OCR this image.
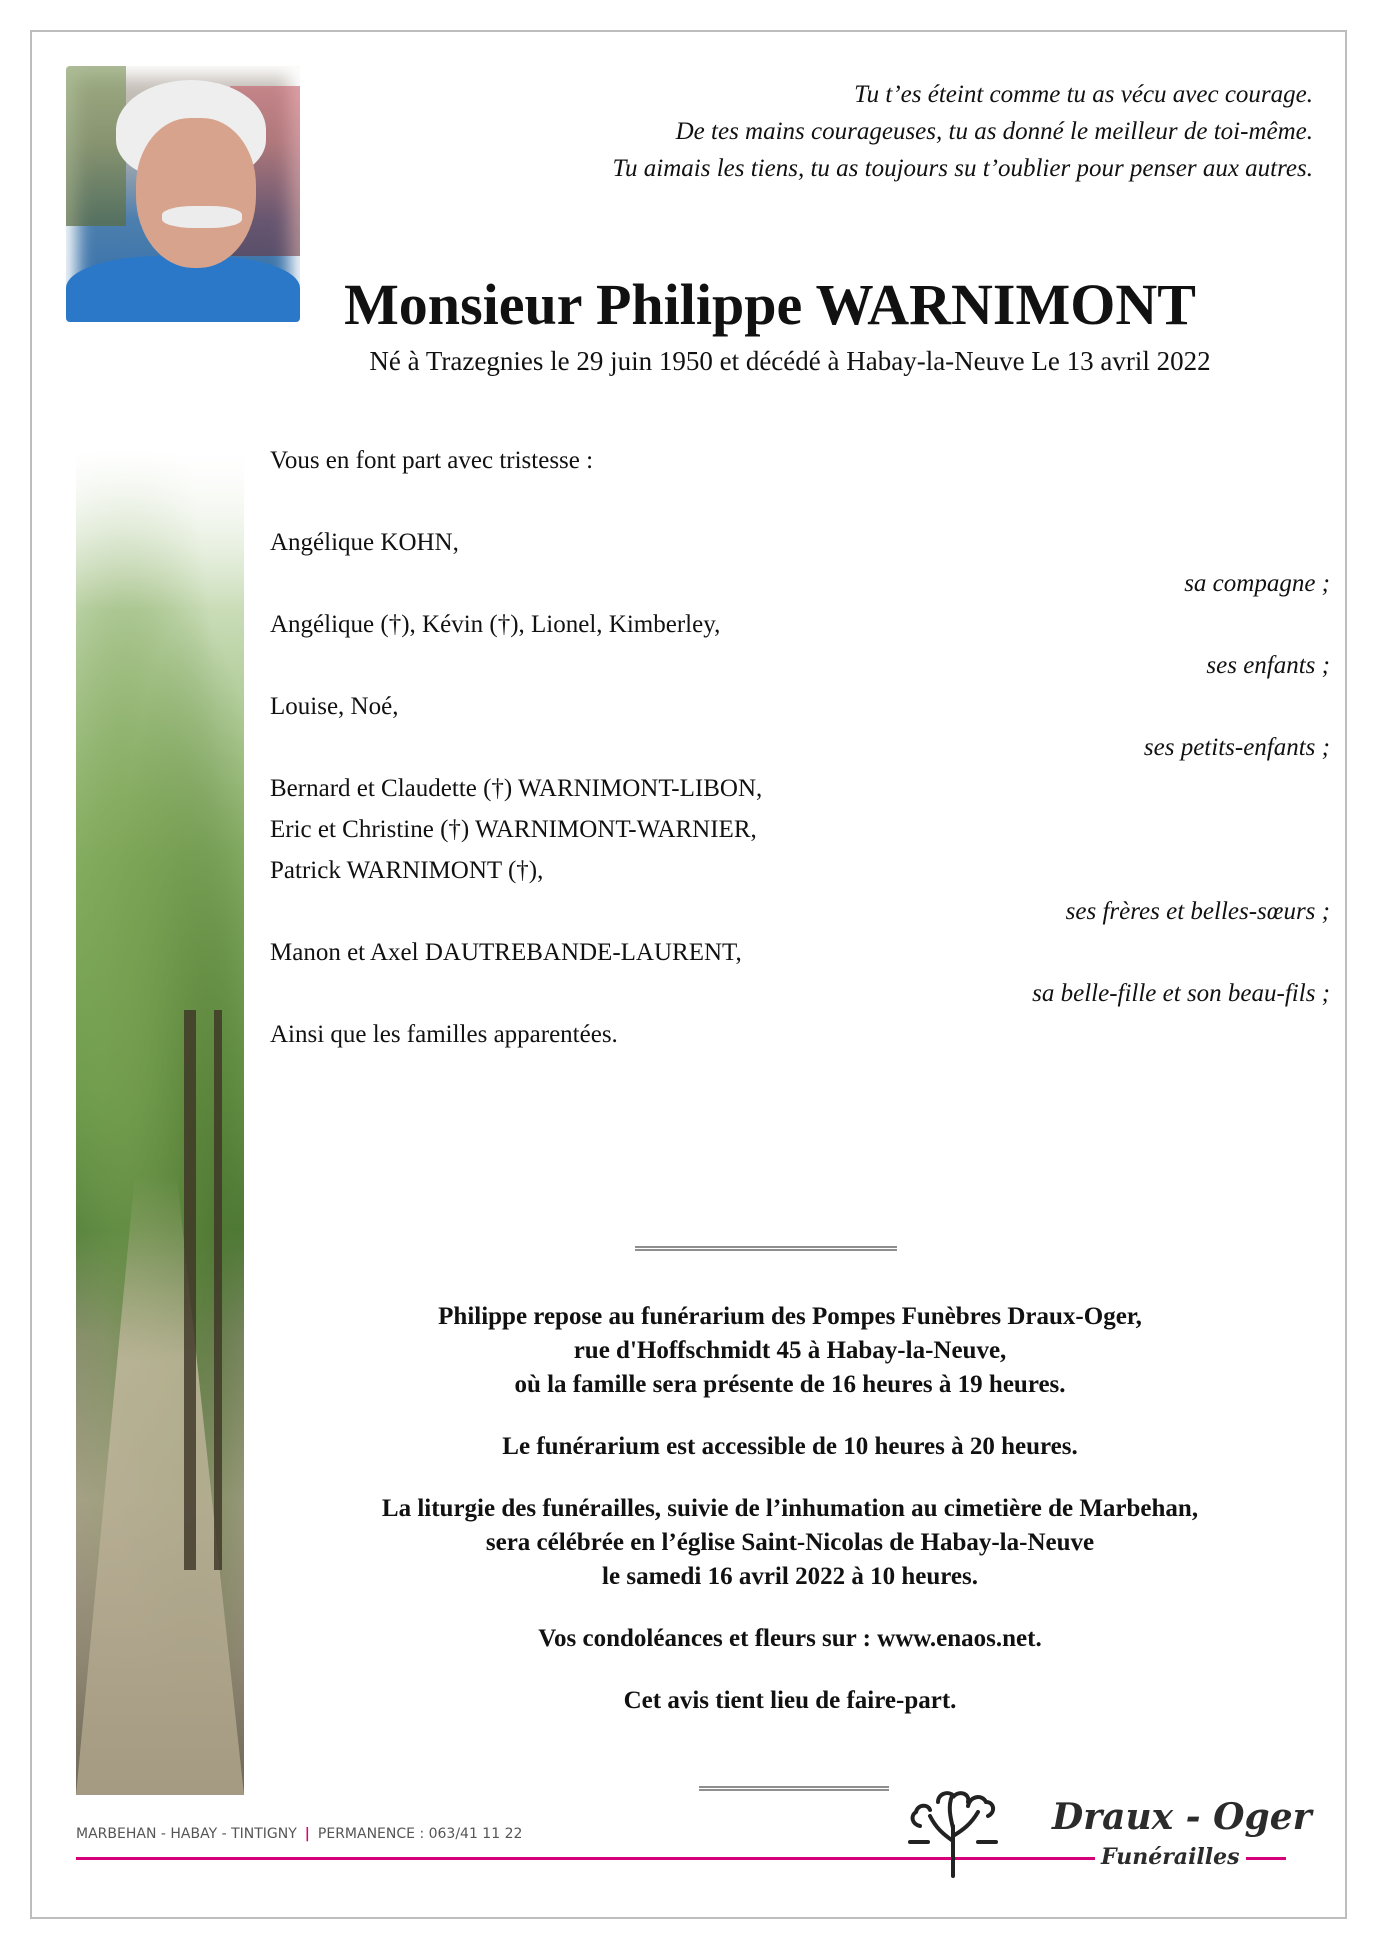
Tu t’es éteint comme tu as vécu avec courage.
De tes mains courageuses, tu as donné le meilleur de toi-même.
Tu aimais les tiens, tu as toujours su t’oublier pour penser aux autres.
Monsieur Philippe WARNIMONT
Né à Trazegnies le 29 juin 1950 et décédé à Habay-la-Neuve Le 13 avril 2022
Vous en font part avec tristesse :
Angélique KOHN,
sa compagne ;
Angélique (†), Kévin (†), Lionel, Kimberley,
ses enfants ;
Louise, Noé,
ses petits-enfants ;
Bernard et Claudette (†) WARNIMONT-LIBON,
Eric et Christine (†) WARNIMONT-WARNIER,
Patrick WARNIMONT (†),
ses frères et belles-sœurs ;
Manon et Axel DAUTREBANDE-LAURENT,
sa belle-fille et son beau-fils ;
Ainsi que les familles apparentées.

Philippe repose au funérarium des Pompes Funèbres Draux-Oger,
rue d'Hoffschmidt 45 à Habay-la-Neuve,
où la famille sera présente de 16 heures à 19 heures.

Le funérarium est accessible de 10 heures à 20 heures.

La liturgie des funérailles, suivie de l’inhumation au cimetière de Marbehan,
sera célébrée en l’église Saint-Nicolas de Habay-la-Neuve
le samedi 16 avril 2022 à 10 heures.

Vos condoléances et fleurs sur : www.enaos.net.

Cet avis tient lieu de faire-part.

MARBEHAN - HABAY - TINTIGNY | PERMANENCE : 063/41 11 22	Draux - Oger
Funérailles
